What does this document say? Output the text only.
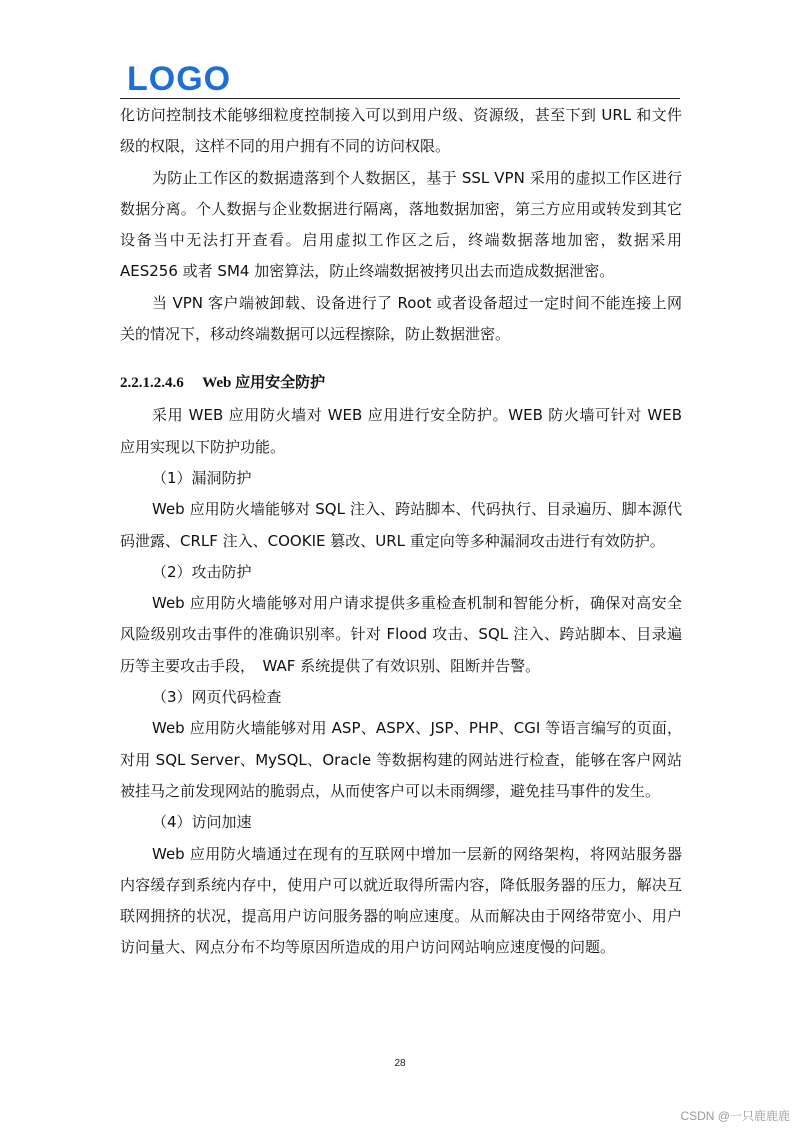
LOGO

化访问控制技术能够细粒度控制接入可以到用户级、资源级，甚至下到 URL 和文件级的权限，这样不同的用户拥有不同的访问权限。

为防止工作区的数据遗落到个人数据区，基于 SSL VPN 采用的虚拟工作区进行数据分离。个人数据与企业数据进行隔离，落地数据加密，第三方应用或转发到其它设备当中无法打开查看。启用虚拟工作区之后，终端数据落地加密，数据采用 AES256 或者 SM4 加密算法，防止终端数据被拷贝出去而造成数据泄密。

当 VPN 客户端被卸载、设备进行了 Root 或者设备超过一定时间不能连接上网关的情况下，移动终端数据可以远程擦除，防止数据泄密。

2.2.1.2.4.6　 Web 应用安全防护

采用 WEB 应用防火墙对 WEB 应用进行安全防护。WEB 防火墙可针对 WEB 应用实现以下防护功能。

（1）漏洞防护

Web 应用防火墙能够对 SQL 注入、跨站脚本、代码执行、目录遍历、脚本源代码泄露、CRLF 注入、COOKIE 篡改、URL 重定向等多种漏洞攻击进行有效防护。

（2）攻击防护

Web 应用防火墙能够对用户请求提供多重检查机制和智能分析，确保对高安全风险级别攻击事件的准确识别率。针对 Flood 攻击、SQL 注入、跨站脚本、目录遍历等主要攻击手段，　WAF 系统提供了有效识别、阻断并告警。

（3）网页代码检查

Web 应用防火墙能够对用 ASP、ASPX、JSP、PHP、CGI 等语言编写的页面，对用 SQL Server、MySQL、Oracle 等数据构建的网站进行检查，能够在客户网站被挂马之前发现网站的脆弱点，从而使客户可以未雨绸缪，避免挂马事件的发生。

（4）访问加速

Web 应用防火墙通过在现有的互联网中增加一层新的网络架构，将网站服务器内容缓存到系统内存中，使用户可以就近取得所需内容，降低服务器的压力，解决互联网拥挤的状况，提高用户访问服务器的响应速度。从而解决由于网络带宽小、用户访问量大、网点分布不均等原因所造成的用户访问网站响应速度慢的问题。

28
CSDN @一只鹿鹿鹿
